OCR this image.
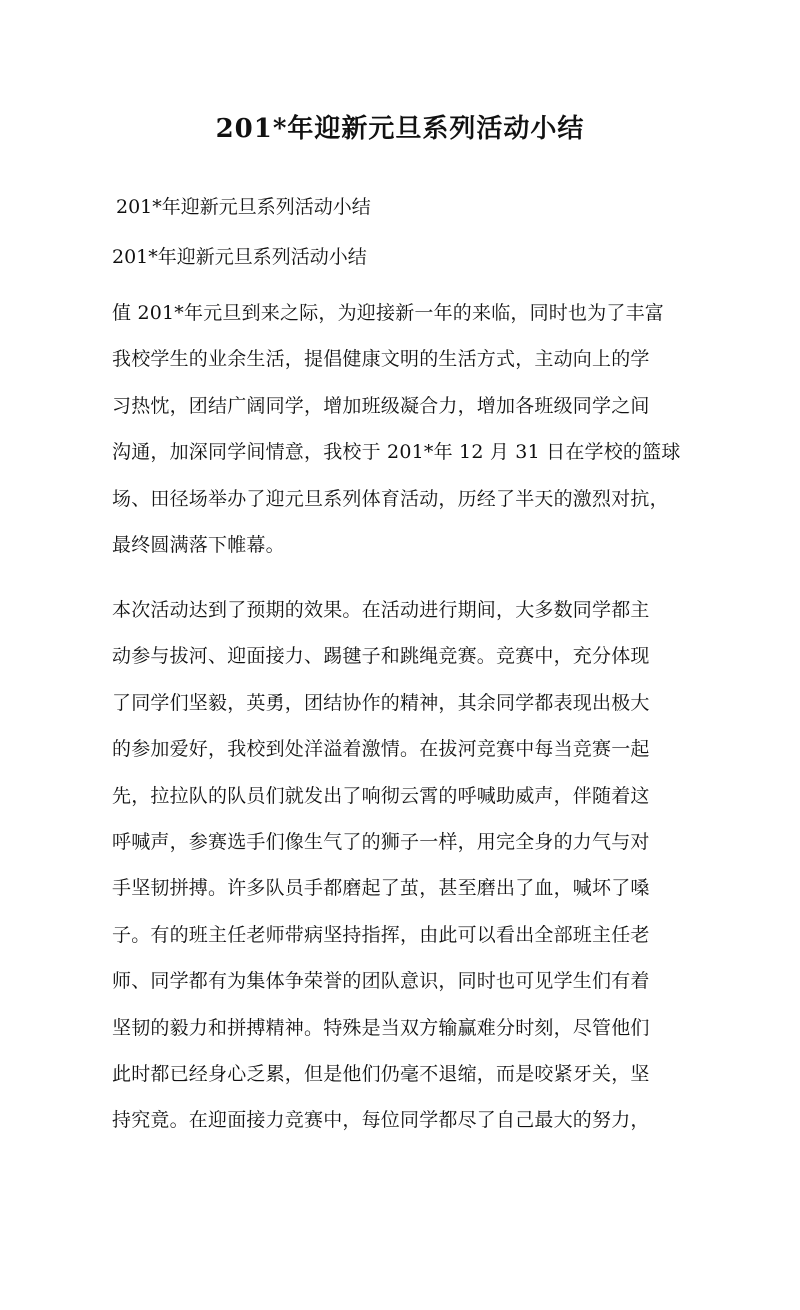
201*年迎新元旦系列活动小结

201*年迎新元旦系列活动小结

201*年迎新元旦系列活动小结

值 201*年元旦到来之际，为迎接新一年的来临，同时也为了丰富
我校学生的业余生活，提倡健康文明的生活方式，主动向上的学
习热忱，团结广阔同学，增加班级凝合力，增加各班级同学之间
沟通，加深同学间情意，我校于 201*年 12 月 31 日在学校的篮球
场、田径场举办了迎元旦系列体育活动，历经了半天的激烈对抗，
最终圆满落下帷幕。
本次活动达到了预期的效果。在活动进行期间，大多数同学都主
动参与拔河、迎面接力、踢毽子和跳绳竞赛。竞赛中，充分体现
了同学们坚毅，英勇，团结协作的精神，其余同学都表现出极大
的参加爱好，我校到处洋溢着激情。在拔河竞赛中每当竞赛一起
先，拉拉队的队员们就发出了响彻云霄的呼喊助威声，伴随着这
呼喊声，参赛选手们像生气了的狮子一样，用完全身的力气与对
手坚韧拼搏。许多队员手都磨起了茧，甚至磨出了血，喊坏了嗓
子。有的班主任老师带病坚持指挥，由此可以看出全部班主任老
师、同学都有为集体争荣誉的团队意识，同时也可见学生们有着
坚韧的毅力和拼搏精神。特殊是当双方输赢难分时刻，尽管他们
此时都已经身心乏累，但是他们仍毫不退缩，而是咬紧牙关，坚
持究竟。在迎面接力竞赛中，每位同学都尽了自己最大的努力，
